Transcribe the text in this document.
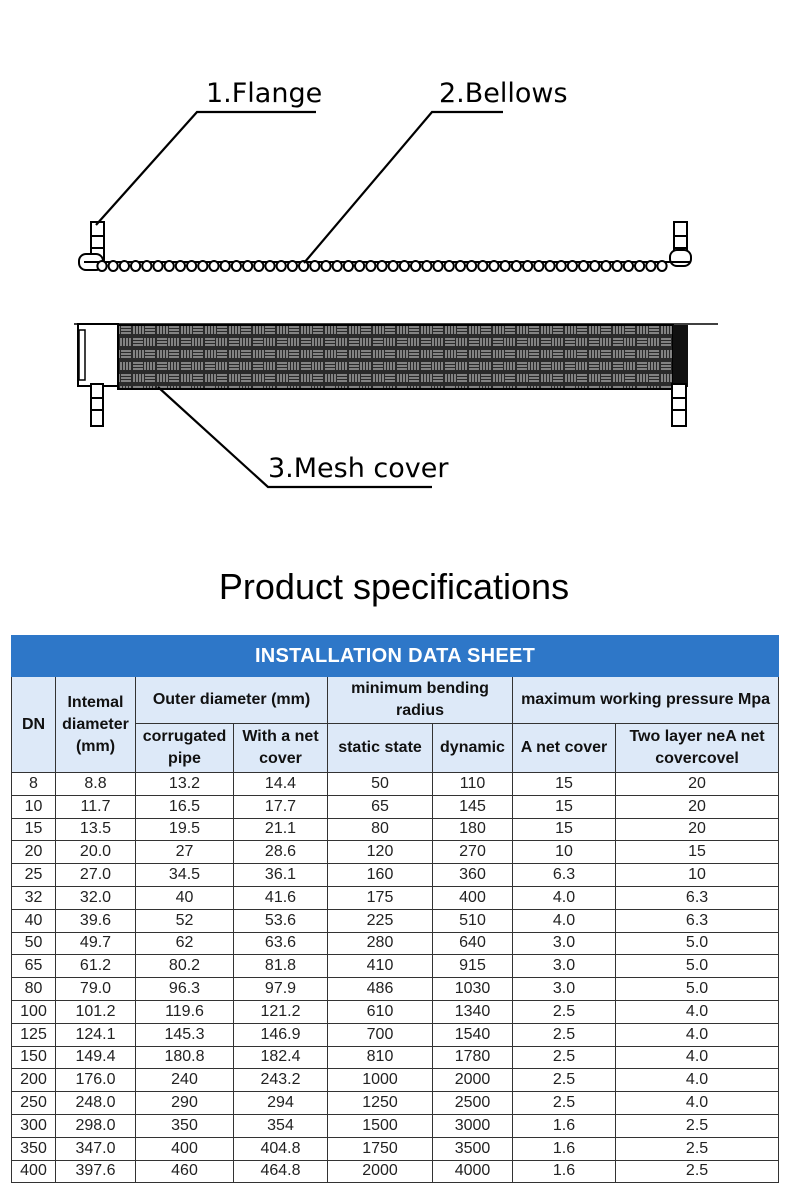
1.Flange	2.Bellows
3.Mesh cover
Product specifications
INSTALLATION DATA SHEET							
DN	Intemal diameter (mm)	Outer diameter (mm)		minimum bending radius		maximum working pressure Mpa	
		corrugated pipe	With a net cover	static state	dynamic	A net cover	Two layer neA net covercovel
8	8.8	13.2	14.4	50	110	15	20
10	11.7	16.5	17.7	65	145	15	20
15	13.5	19.5	21.1	80	180	15	20
20	20.0	27	28.6	120	270	10	15
25	27.0	34.5	36.1	160	360	6.3	10
32	32.0	40	41.6	175	400	4.0	6.3
40	39.6	52	53.6	225	510	4.0	6.3
50	49.7	62	63.6	280	640	3.0	5.0
65	61.2	80.2	81.8	410	915	3.0	5.0
80	79.0	96.3	97.9	486	1030	3.0	5.0
100	101.2	119.6	121.2	610	1340	2.5	4.0
125	124.1	145.3	146.9	700	1540	2.5	4.0
150	149.4	180.8	182.4	810	1780	2.5	4.0
200	176.0	240	243.2	1000	2000	2.5	4.0
250	248.0	290	294	1250	2500	2.5	4.0
300	298.0	350	354	1500	3000	1.6	2.5
350	347.0	400	404.8	1750	3500	1.6	2.5
400	397.6	460	464.8	2000	4000	1.6	2.5
